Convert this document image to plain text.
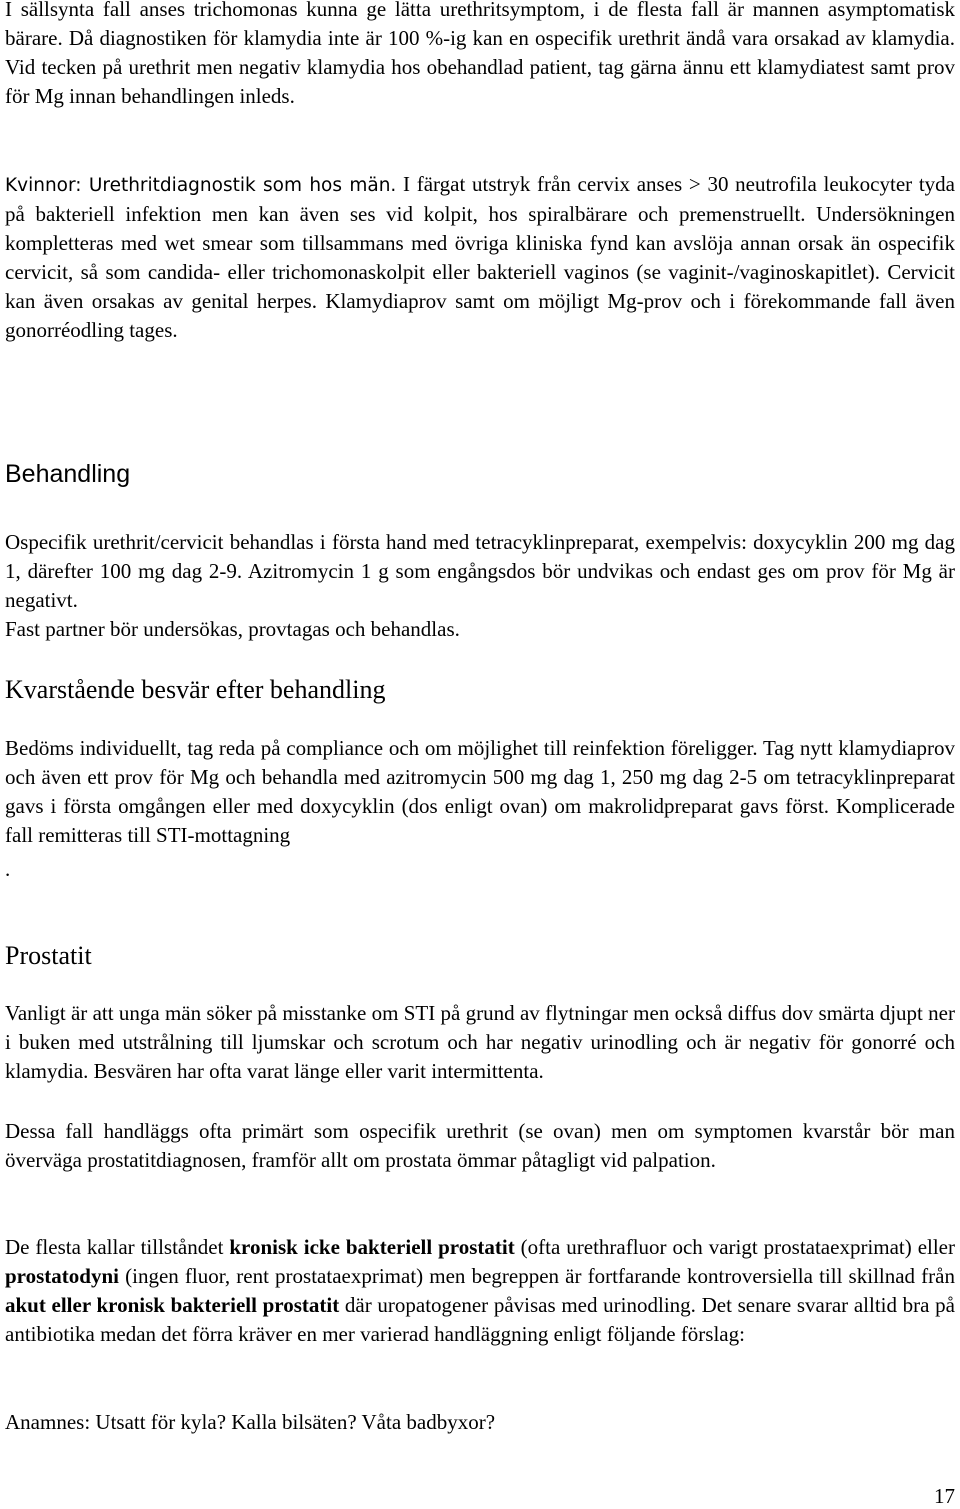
I sällsynta fall anses trichomonas kunna ge lätta urethritsymptom, i de flesta fall är mannen asymptomatisk bärare. Då diagnostiken för klamydia inte är 100 %-ig kan en ospecifik urethrit ändå vara orsakad av klamydia. Vid tecken på urethrit men negativ klamydia hos obehandlad patient, tag gärna ännu ett klamydiatest samt prov för Mg innan behandlingen inleds.

Kvinnor: Urethritdiagnostik som hos män. I färgat utstryk från cervix anses > 30 neutrofila leukocyter tyda på bakteriell infektion men kan även ses vid kolpit, hos spiralbärare och premenstruellt. Undersökningen kompletteras med wet smear som tillsammans med övriga kliniska fynd kan avslöja annan orsak än ospecifik cervicit, så som candida- eller trichomonaskolpit eller bakteriell vaginos (se vaginit-/vaginoskapitlet). Cervicit kan även orsakas av genital herpes. Klamydiaprov samt om möjligt Mg-prov och i förekommande fall även gonorréodling tages.

Behandling

Ospecifik urethrit/cervicit behandlas i första hand med tetracyklinpreparat, exempelvis: doxycyklin 200 mg dag 1, därefter 100 mg dag 2-9. Azitromycin 1 g som engångsdos bör undvikas och endast ges om prov för Mg är negativt.

Fast partner bör undersökas, provtagas och behandlas.

Kvarstående besvär efter behandling

Bedöms individuellt, tag reda på compliance och om möjlighet till reinfektion föreligger. Tag nytt klamydiaprov och även ett prov för Mg och behandla med azitromycin 500 mg dag 1, 250 mg dag 2-5 om tetracyklinpreparat gavs i första omgången eller med doxycyklin (dos enligt ovan) om makrolidpreparat gavs först. Komplicerade fall remitteras till STI-mottagning

.

Prostatit

Vanligt är att unga män söker på misstanke om STI på grund av flytningar men också diffus dov smärta djupt ner i buken med utstrålning till ljumskar och scrotum och har negativ urinodling och är negativ för gonorré och klamydia. Besvären har ofta varat länge eller varit intermittenta.

Dessa fall handläggs ofta primärt som ospecifik urethrit (se ovan) men om symptomen kvarstår bör man överväga prostatitdiagnosen, framför allt om prostata ömmar påtagligt vid palpation.

De flesta kallar tillståndet kronisk icke bakteriell prostatit (ofta urethrafluor och varigt prostataexprimat) eller prostatodyni (ingen fluor, rent prostataexprimat) men begreppen är fortfarande kontroversiella till skillnad från akut eller kronisk bakteriell prostatit där uropatogener påvisas med urinodling. Det senare svarar alltid bra på antibiotika medan det förra kräver en mer varierad handläggning enligt följande förslag:

Anamnes: Utsatt för kyla? Kalla bilsäten? Våta badbyxor?

17
